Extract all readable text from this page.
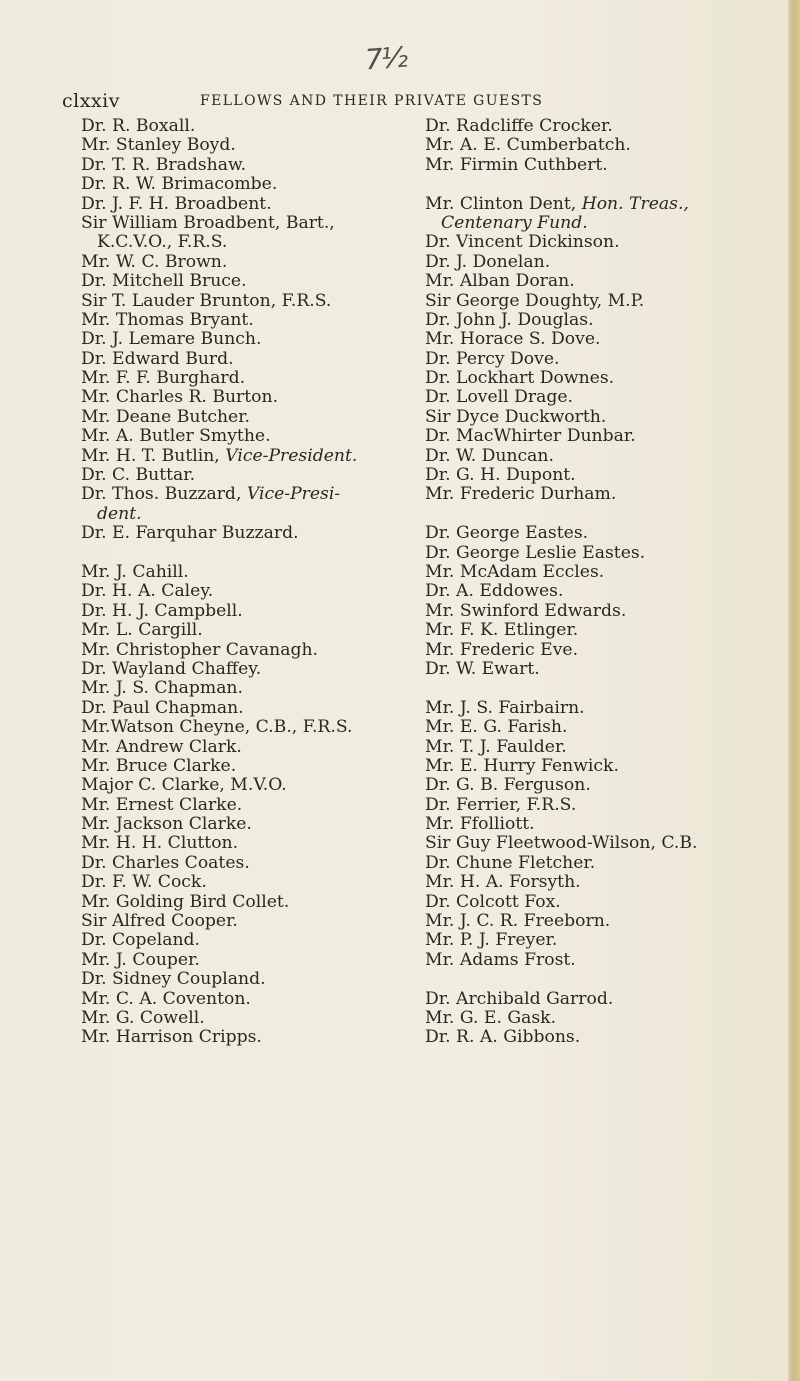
7½
clxxiv	FELLOWS AND THEIR PRIVATE GUESTS
Dr. R. Boxall.
Mr. Stanley Boyd.
Dr. T. R. Bradshaw.
Dr. R. W. Brimacombe.
Dr. J. F. H. Broadbent.
Sir William Broadbent, Bart.,
K.C.V.O., F.R.S.
Mr. W. C. Brown.
Dr. Mitchell Bruce.
Sir T. Lauder Brunton, F.R.S.
Mr. Thomas Bryant.
Dr. J. Lemare Bunch.
Dr. Edward Burd.
Mr. F. F. Burghard.
Mr. Charles R. Burton.
Mr. Deane Butcher.
Mr. A. Butler Smythe.
Mr. H. T. Butlin, Vice-President.
Dr. C. Buttar.
Dr. Thos. Buzzard, Vice-Presi-
dent.
Dr. E. Farquhar Buzzard.
Mr. J. Cahill.
Dr. H. A. Caley.
Dr. H. J. Campbell.
Mr. L. Cargill.
Mr. Christopher Cavanagh.
Dr. Wayland Chaffey.
Mr. J. S. Chapman.
Dr. Paul Chapman.
Mr.Watson Cheyne, C.B., F.R.S.
Mr. Andrew Clark.
Mr. Bruce Clarke.
Major C. Clarke, M.V.O.
Mr. Ernest Clarke.
Mr. Jackson Clarke.
Mr. H. H. Clutton.
Dr. Charles Coates.
Dr. F. W. Cock.
Mr. Golding Bird Collet.
Sir Alfred Cooper.
Dr. Copeland.
Mr. J. Couper.
Dr. Sidney Coupland.
Mr. C. A. Coventon.
Mr. G. Cowell.
Mr. Harrison Cripps.
Dr. Radcliffe Crocker.
Mr. A. E. Cumberbatch.
Mr. Firmin Cuthbert.
Mr. Clinton Dent, Hon. Treas.,
Centenary Fund.
Dr. Vincent Dickinson.
Dr. J. Donelan.
Mr. Alban Doran.
Sir George Doughty, M.P.
Dr. John J. Douglas.
Mr. Horace S. Dove.
Dr. Percy Dove.
Dr. Lockhart Downes.
Dr. Lovell Drage.
Sir Dyce Duckworth.
Dr. MacWhirter Dunbar.
Dr. W. Duncan.
Dr. G. H. Dupont.
Mr. Frederic Durham.
Dr. George Eastes.
Dr. George Leslie Eastes.
Mr. McAdam Eccles.
Dr. A. Eddowes.
Mr. Swinford Edwards.
Mr. F. K. Etlinger.
Mr. Frederic Eve.
Dr. W. Ewart.
Mr. J. S. Fairbairn.
Mr. E. G. Farish.
Mr. T. J. Faulder.
Mr. E. Hurry Fenwick.
Dr. G. B. Ferguson.
Dr. Ferrier, F.R.S.
Mr. Ffolliott.
Sir Guy Fleetwood-Wilson, C.B.
Dr. Chune Fletcher.
Mr. H. A. Forsyth.
Dr. Colcott Fox.
Mr. J. C. R. Freeborn.
Mr. P. J. Freyer.
Mr. Adams Frost.
Dr. Archibald Garrod.
Mr. G. E. Gask.
Dr. R. A. Gibbons.
